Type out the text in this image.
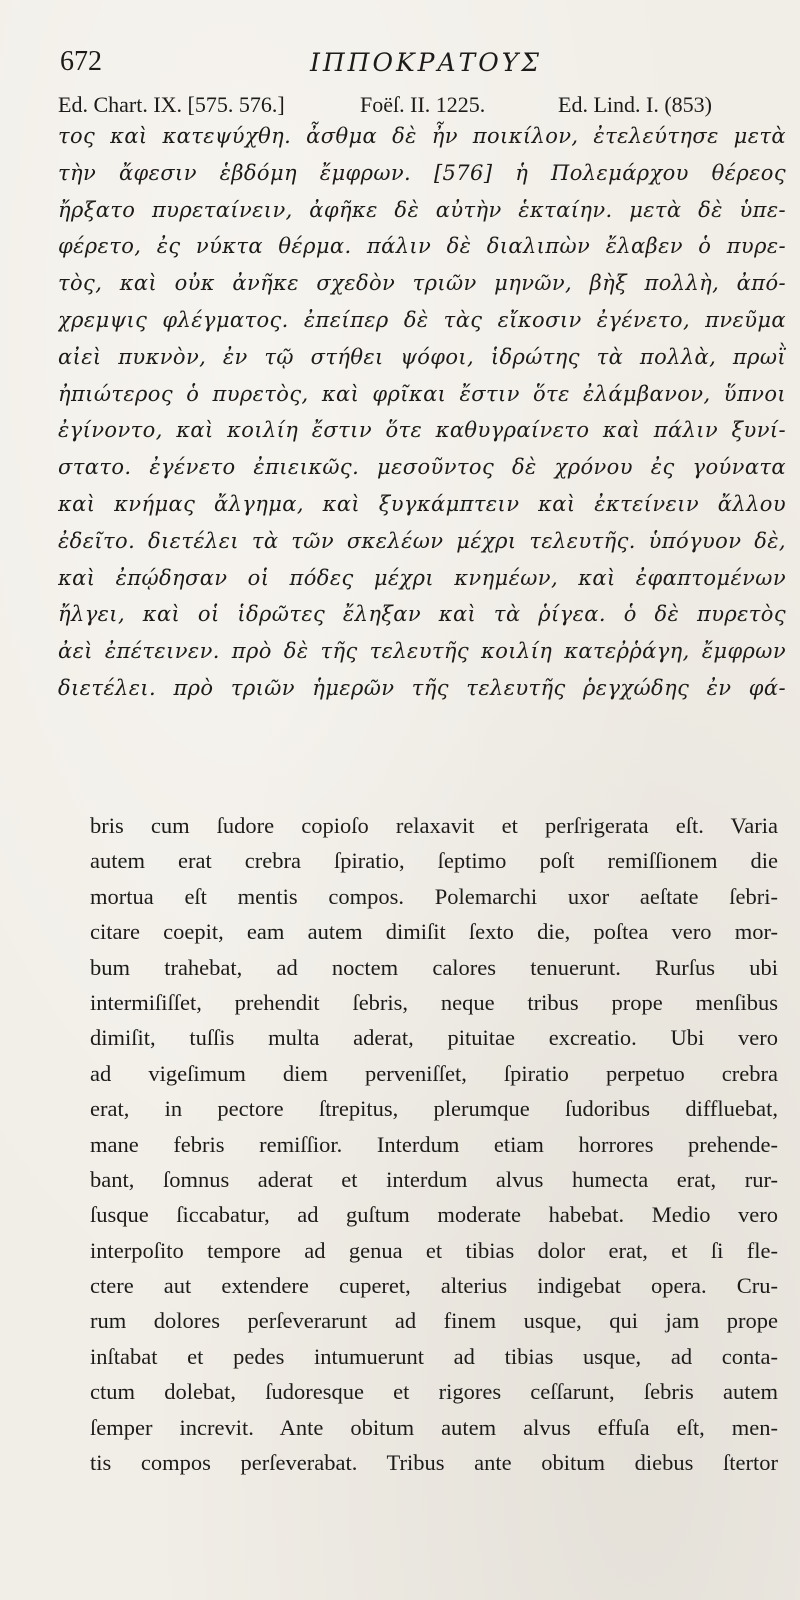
672	ΙΠΠΟΚΡΑΤΟΥΣ
Ed. Chart. IX. [575. 576.]	Foëſ. II. 1225.	Ed. Lind. I. (853)
τος καὶ κατεψύχθη. ἆσθμα δὲ ἦν ποικίλον, ἐτελεύτησε μετὰ
τὴν ἄφεσιν ἑβδόμη ἔμφρων. [576] ἡ Πολεμάρχου θέρεος
ἤρξατο πυρεταίνειν, ἀφῆκε δὲ αὐτὴν ἑκταίην. μετὰ δὲ ὑπε-
φέρετο, ἐς νύκτα θέρμα. πάλιν δὲ διαλιπὼν ἔλαβεν ὁ πυρε-
τὸς, καὶ οὐκ ἀνῆκε σχεδὸν τριῶν μηνῶν, βὴξ πολλὴ, ἀπό-
χρεμψις φλέγματος. ἐπείπερ δὲ τὰς εἴκοσιν ἐγένετο, πνεῦμα
αἰεὶ πυκνὸν, ἐν τῷ στήθει ψόφοι, ἱδρώτης τὰ πολλὰ, πρωῒ
ἠπιώτερος ὁ πυρετὸς, καὶ φρῖκαι ἔστιν ὅτε ἐλάμβανον, ὕπνοι
ἐγίνοντο, καὶ κοιλίη ἔστιν ὅτε καθυγραίνετο καὶ πάλιν ξυνί-
στατο. ἐγένετο ἐπιεικῶς. μεσοῦντος δὲ χρόνου ἐς γούνατα
καὶ κνήμας ἄλγημα, καὶ ξυγκάμπτειν καὶ ἐκτείνειν ἄλλου
ἐδεῖτο. διετέλει τὰ τῶν σκελέων μέχρι τελευτῆς. ὑπόγυον δὲ,
καὶ ἐπῴδησαν οἱ πόδες μέχρι κνημέων, καὶ ἐφαπτομένων
ἤλγει, καὶ οἱ ἱδρῶτες ἔληξαν καὶ τὰ ῥίγεα. ὁ δὲ πυρετὸς
ἀεὶ ἐπέτεινεν. πρὸ δὲ τῆς τελευτῆς κοιλίη κατεῤῥάγη, ἔμφρων
διετέλει. πρὸ τριῶν ἡμερῶν τῆς τελευτῆς ῥεγχώδης ἐν φά-
bris cum ſudore copioſo relaxavit et perſrigerata eſt. Varia
autem erat crebra ſpiratio, ſeptimo poſt remiſſionem die
mortua eſt mentis compos. Polemarchi uxor aeſtate ſebri-
citare coepit, eam autem dimiſit ſexto die, poſtea vero mor-
bum trahebat, ad noctem calores tenuerunt. Rurſus ubi
intermiſiſſet, prehendit ſebris, neque tribus prope menſibus
dimiſit, tuſſis multa aderat, pituitae excreatio. Ubi vero
ad vigeſimum diem perveniſſet, ſpiratio perpetuo crebra
erat, in pectore ſtrepitus, plerumque ſudoribus diffluebat,
mane febris remiſſior. Interdum etiam horrores prehende-
bant, ſomnus aderat et interdum alvus humecta erat, rur-
ſusque ſiccabatur, ad guſtum moderate habebat. Medio vero
interpoſito tempore ad genua et tibias dolor erat, et ſi fle-
ctere aut extendere cuperet, alterius indigebat opera. Cru-
rum dolores perſeverarunt ad finem usque, qui jam prope
inſtabat et pedes intumuerunt ad tibias usque, ad conta-
ctum dolebat, ſudoresque et rigores ceſſarunt, ſebris autem
ſemper increvit. Ante obitum autem alvus effuſa eſt, men-
tis compos perſeverabat. Tribus ante obitum diebus ſtertor
